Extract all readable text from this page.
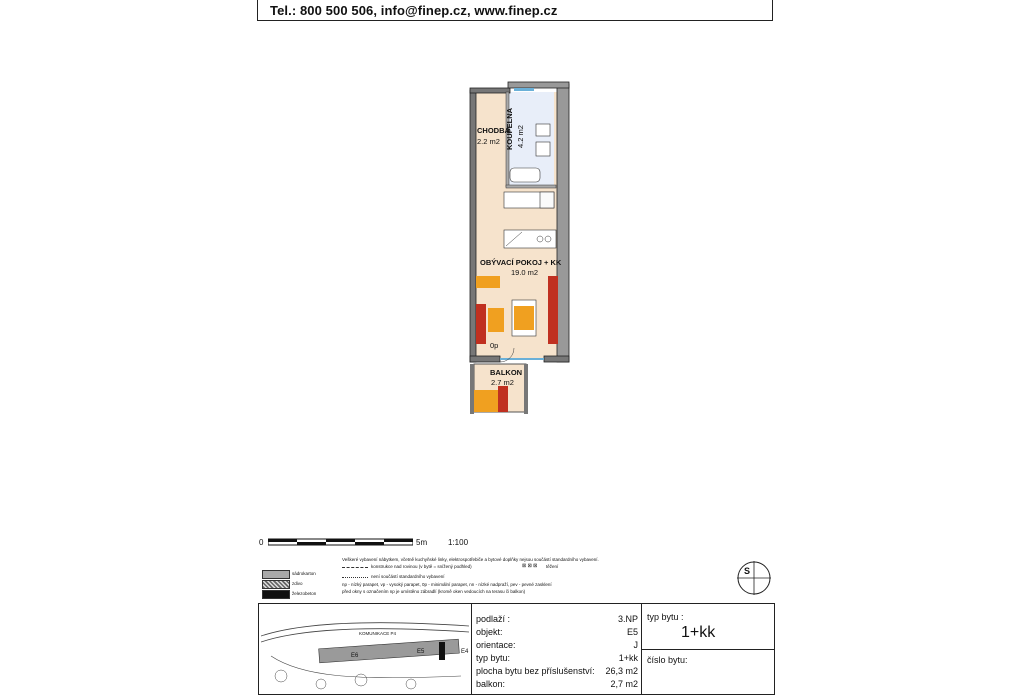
Tel.: 800 500 506, info@finep.cz, www.finep.cz
CHODBA
2.2 m2 KOUPELNA 4.2 m2
OBÝVACÍ POKOJ + KK
19.0 m2
0p
BALKON
2.7 m2
0	5m	1:100
Veškeré vybavení nábytkem, včetně kuchyňské linky, elektrospotřebiče a bytové doplňky nejsou součástí standardního vybavení.
konstrukce nad rovinou (v bytě = snížený podhled)	⊠ ⊠ ⊠ těžení
není součástí standardního vybavení
np - nízký parapet, vp - vysoký parapet, 0p - minimální parapet, nn - nízké nadpraží, pev - pevné zasklení
před okny s označením np je umístěno zábradlí (kromě oken vedoucích na terasu či balkon)
sádrokarton
zdivo
železobeton
S
KOMUNIKACE P4
E6
E5	E4
podlaží :	3.NP
objekt:	E5
orientace:	J
typ bytu:	1+kk
plocha bytu bez příslušenství: 26,3 m2
balkon:	2,7 m2
typ bytu :
1+kk
číslo bytu:
